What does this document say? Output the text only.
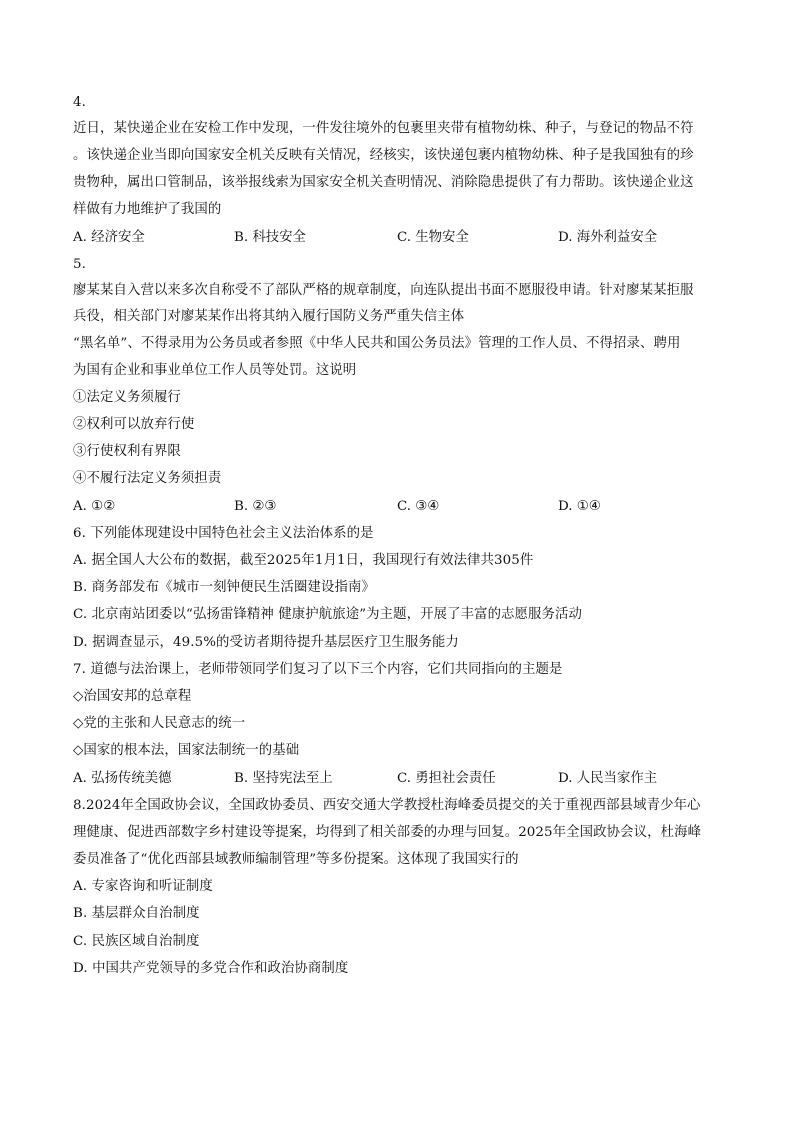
4.
近日，某快递企业在安检工作中发现，一件发往境外的包裹里夹带有植物幼株、种子，与登记的物品不符
。该快递企业当即向国家安全机关反映有关情况，经核实，该快递包裹内植物幼株、种子是我国独有的珍
贵物种，属出口管制品，该举报线索为国家安全机关查明情况、消除隐患提供了有力帮助。该快递企业这
样做有力地维护了我国的
A. 经济安全	B. 科技安全	C. 生物安全	D. 海外利益安全
5.
廖某某自入营以来多次自称受不了部队严格的规章制度，向连队提出书面不愿服役申请。针对廖某某拒服
兵役，相关部门对廖某某作出将其纳入履行国防义务严重失信主体
“黑名单”、不得录用为公务员或者参照《中华人民共和国公务员法》管理的工作人员、不得招录、聘用
为国有企业和事业单位工作人员等处罚。这说明
①法定义务须履行
②权利可以放弃行使
③行使权利有界限
④不履行法定义务须担责
A. ①②	B. ②③	C. ③④	D. ①④
6. 下列能体现建设中国特色社会主义法治体系的是
A. 据全国人大公布的数据，截至2025年1月1日，我国现行有效法律共305件
B. 商务部发布《城市一刻钟便民生活圈建设指南》
C. 北京南站团委以“弘扬雷锋精神 健康护航旅途”为主题，开展了丰富的志愿服务活动
D. 据调查显示，49.5%的受访者期待提升基层医疗卫生服务能力
7. 道德与法治课上，老师带领同学们复习了以下三个内容，它们共同指向的主题是
◇治国安邦的总章程
◇党的主张和人民意志的统一
◇国家的根本法，国家法制统一的基础
A. 弘扬传统美德	B. 坚持宪法至上	C. 勇担社会责任	D. 人民当家作主
8.2024年全国政协会议，全国政协委员、西安交通大学教授杜海峰委员提交的关于重视西部县域青少年心
理健康、促进西部数字乡村建设等提案，均得到了相关部委的办理与回复。2025年全国政协会议，杜海峰
委员准备了“优化西部县域教师编制管理”等多份提案。这体现了我国实行的
A. 专家咨询和听证制度
B. 基层群众自治制度
C. 民族区域自治制度
D. 中国共产党领导的多党合作和政治协商制度
